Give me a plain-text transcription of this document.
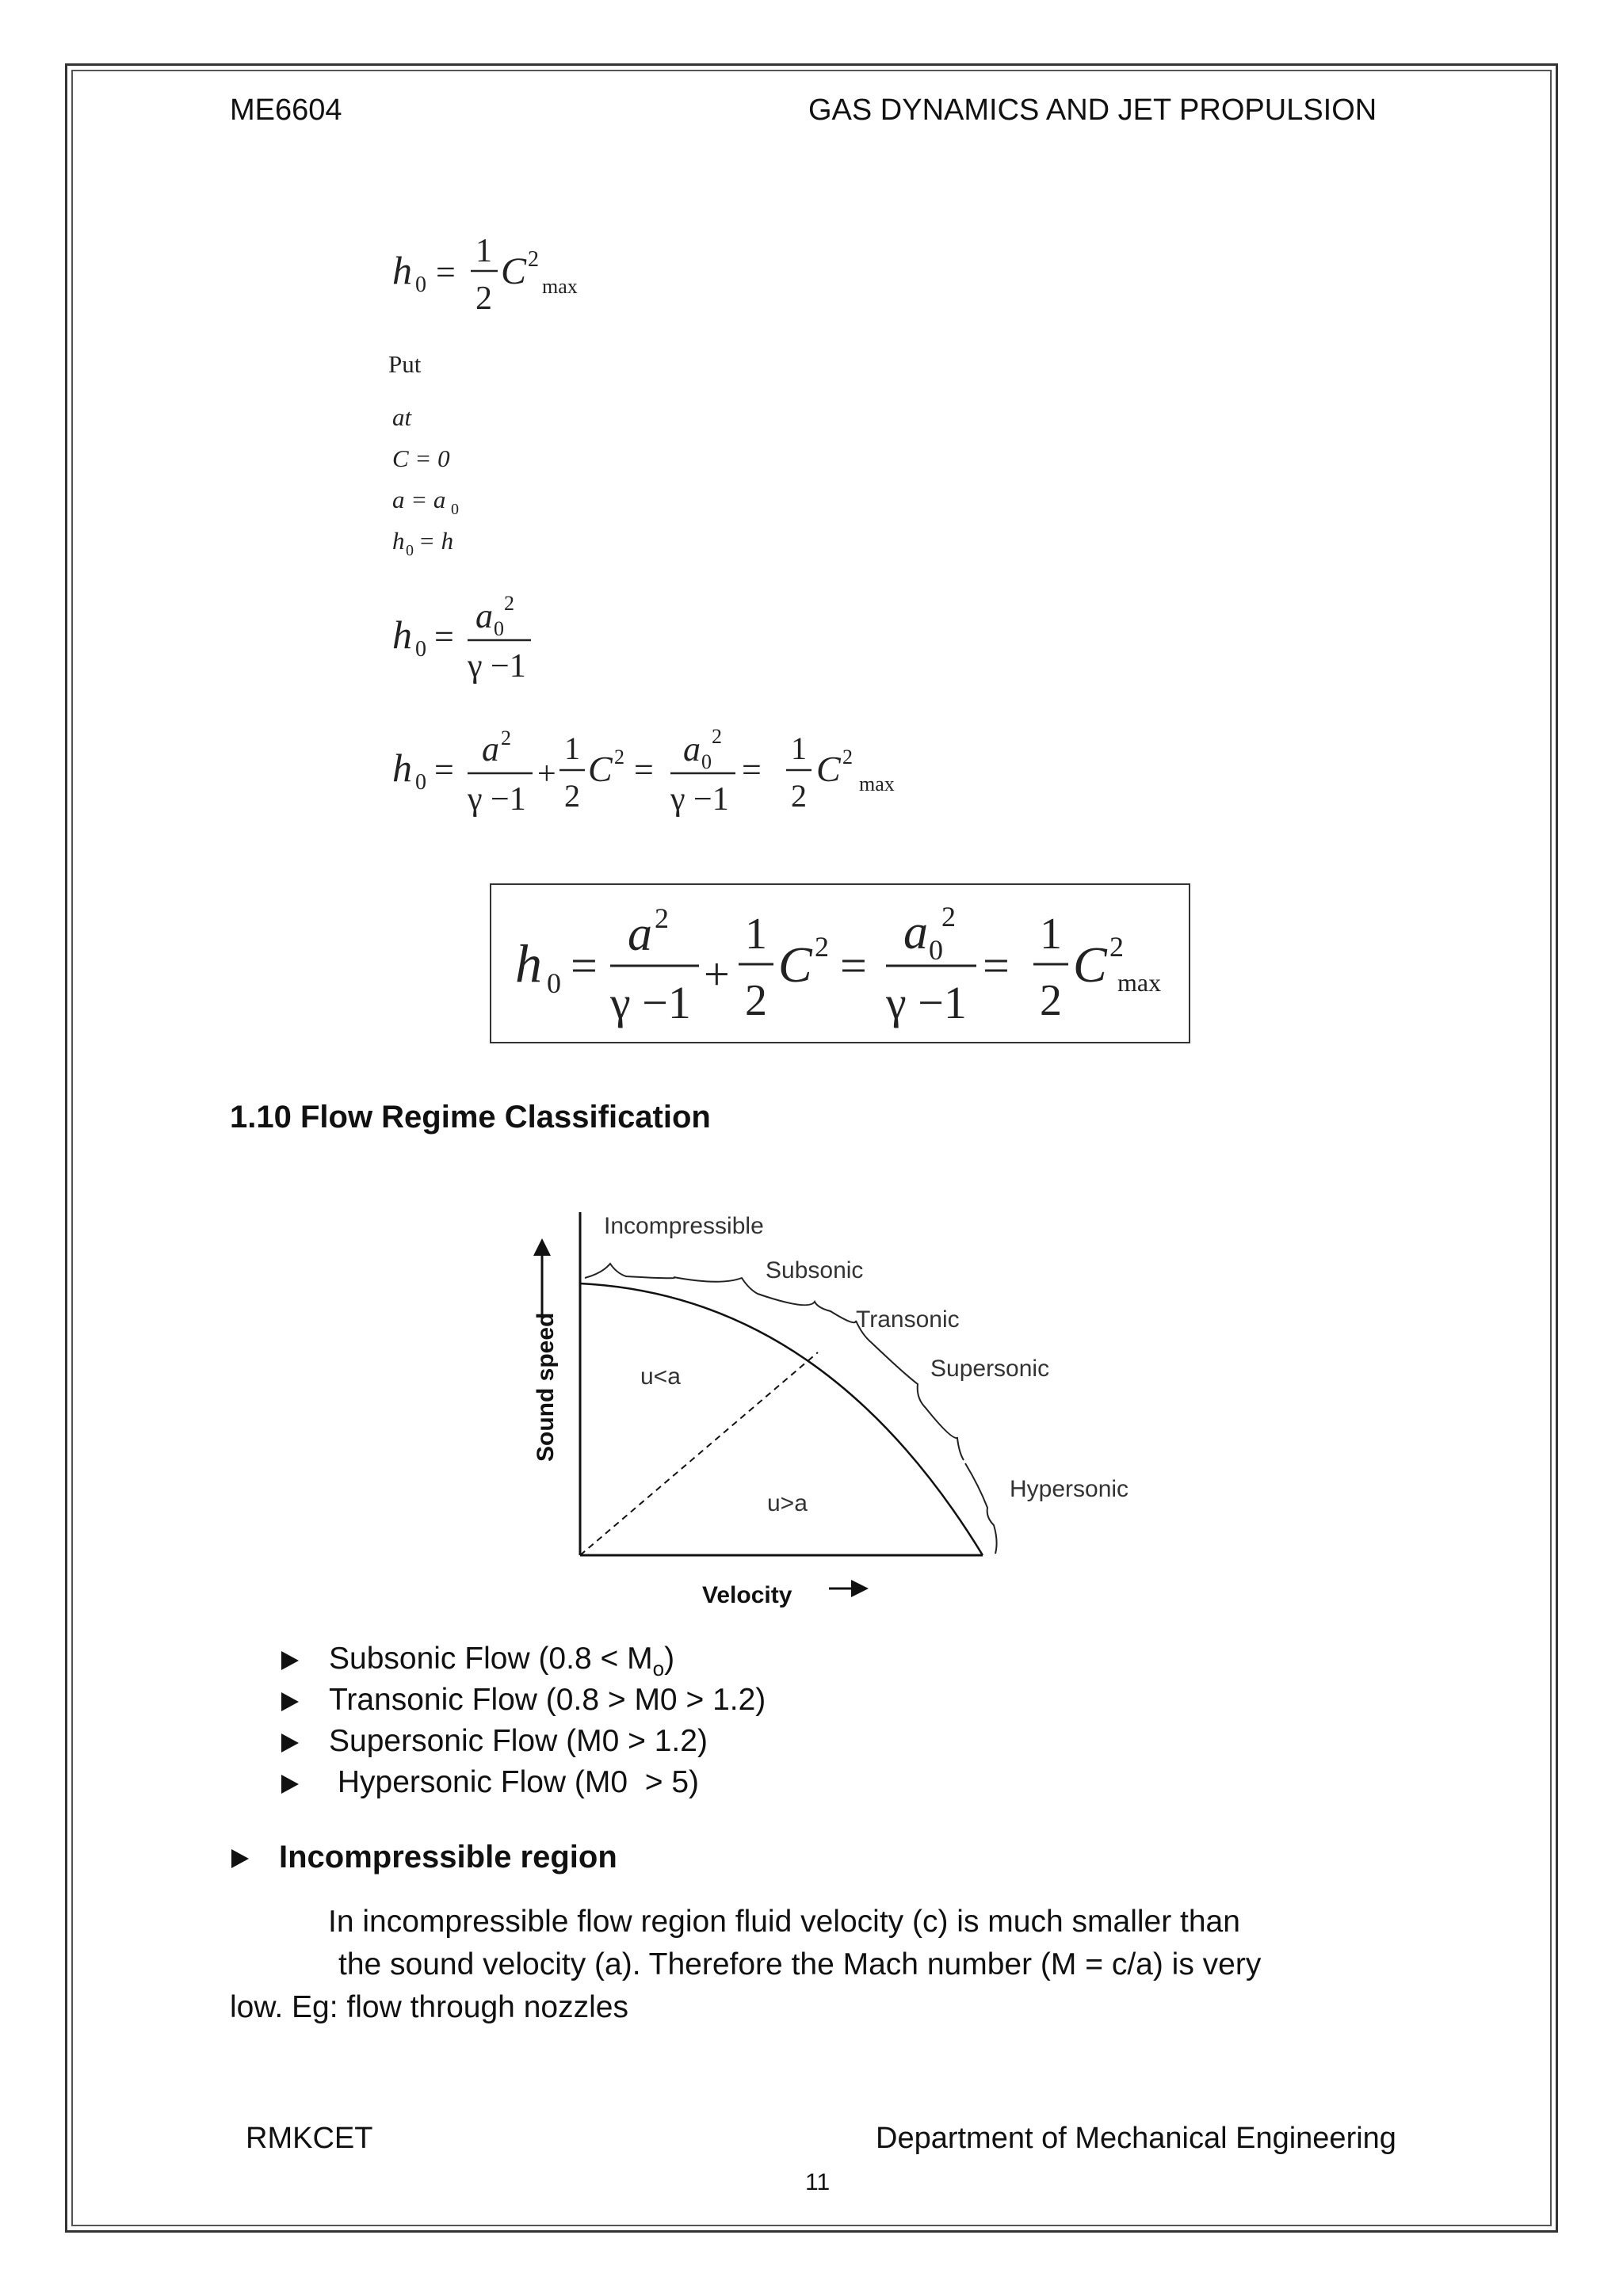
ME6604	GAS DYNAMICS AND JET PROPULSION
h 0 =
1
2
C 2
max
Put
at
C = 0
a = a 0
h 0 = h
h 0 =
a 0
2
γ −1
h 0 =
a 2
γ −1
+
1
2
C 2 =
a 0
2
γ −1
=
1
2
C 2
max
h 0 =
a 2
γ −1
+
1
2
C 2 =
a 0
2
γ −1
=
1
2
C 2
max
1.10 Flow Regime Classification
Sound speed
Velocity
Incompressible
Subsonic
Transonic
Supersonic
Hypersonic
u<a
u>a
Subsonic Flow $(0.8 < M_o)$
Transonic Flow (0.8 > M0 > 1.2)
Supersonic Flow (M0 > 1.2)
Hypersonic Flow (M0  > 5)
Incompressible region
In incompressible flow region fluid velocity (c) is much smaller than
the sound velocity (a). Therefore the Mach number (M = c/a) is very
low. Eg: flow through nozzles
RMKCET	Department of Mechanical Engineering
11
